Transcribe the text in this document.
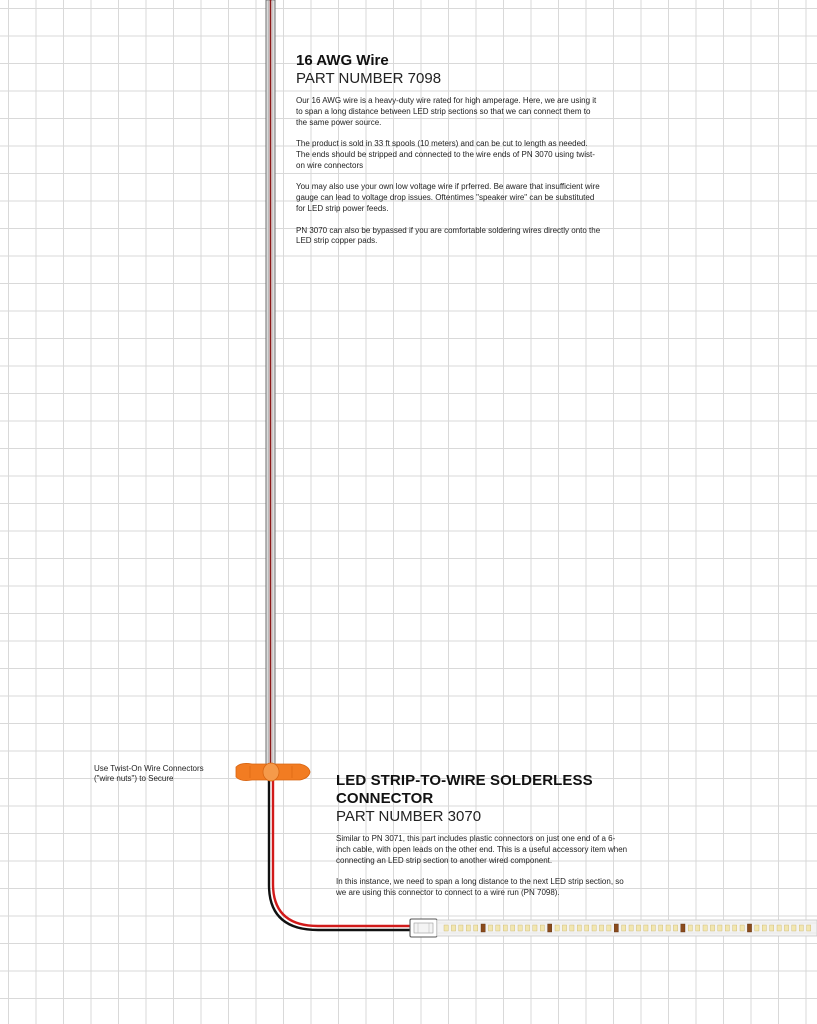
16 AWG Wire
PART NUMBER 7098

Our 16 AWG wire is a heavy-duty wire rated for high amperage. Here, we are using it to span a long distance between LED strip sections so that we can connect them to the same power source.

The product is sold in 33 ft spools (10 meters) and can be cut to length as needed. The ends should be stripped and connected to the wire ends of PN 3070 using twist-on wire connectors

You may also use your own low voltage wire if prferred. Be aware that insufficient wire gauge can lead to voltage drop issues. Oftentimes "speaker wire" can be substituted for LED strip power feeds.

PN 3070 can also be bypassed if you are comfortable soldering wires directly onto the LED strip copper pads.

LED STRIP-TO-WIRE SOLDERLESS CONNECTOR
PART NUMBER 3070

Similar to PN 3071, this part includes plastic connectors on just one end of a 6-inch cable, with open leads on the other end. This is a useful accessory item when connecting an LED strip section to another wired component.

In this instance, we need to span a long distance to the next LED strip section, so we are using this connector to connect to a wire run (PN 7098).

Use Twist-On Wire Connectors
("wire nuts") to Secure
